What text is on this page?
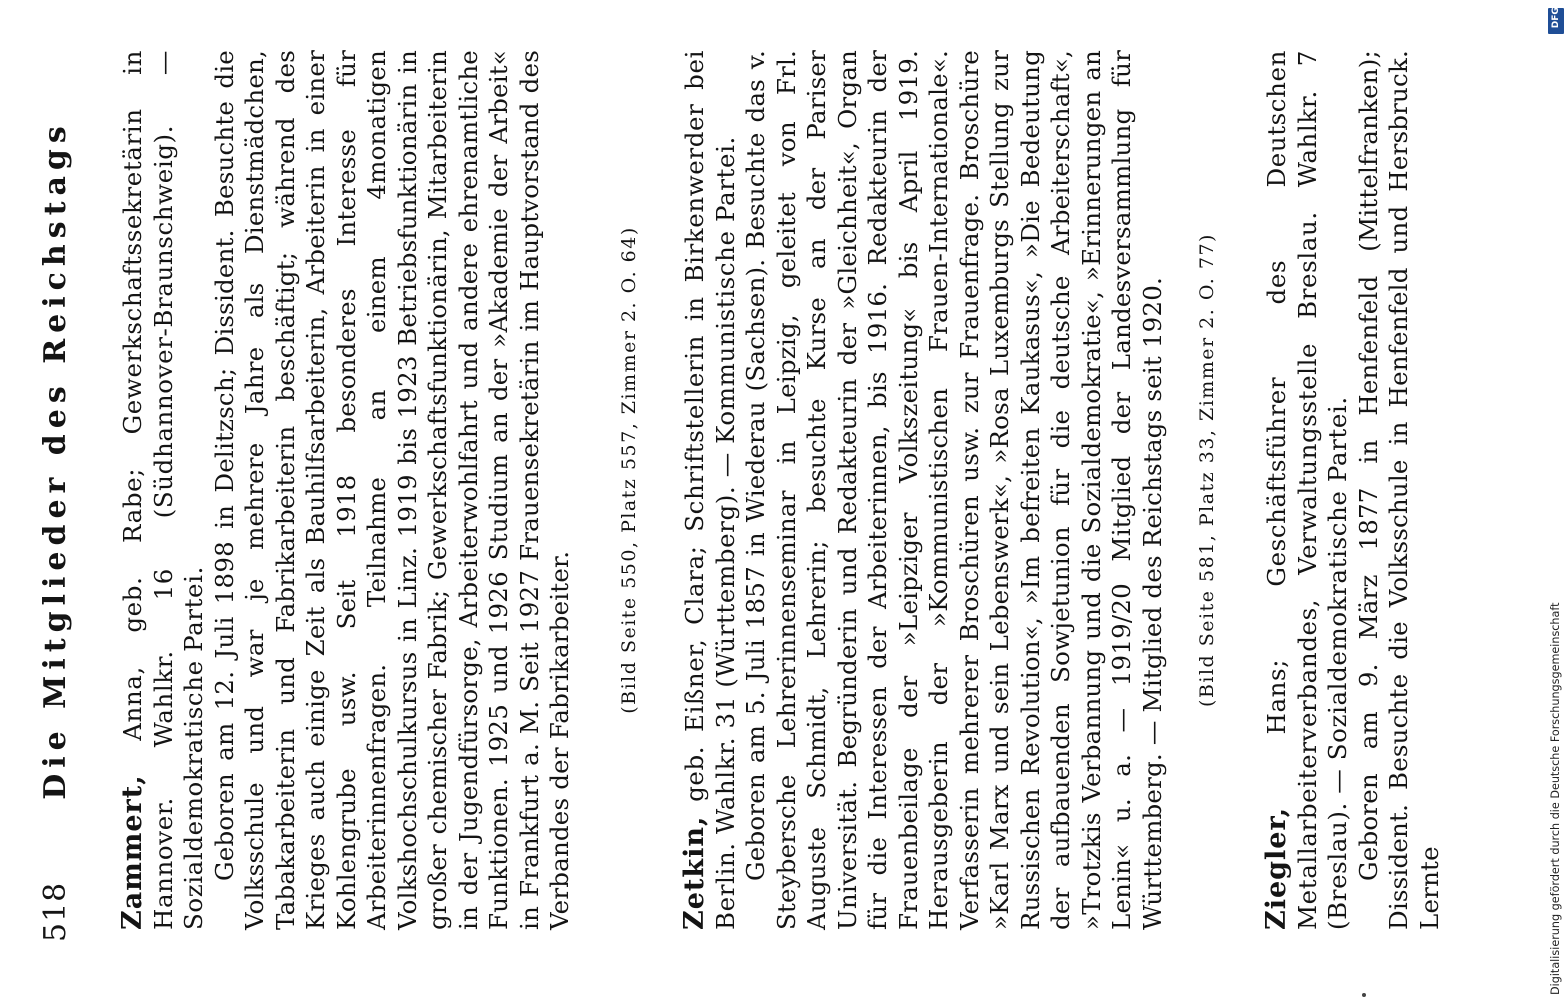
518
Die Mitglieder des Reichstags

Zammert, Anna, geb. Rabe; Gewerkschaftssekretärin in Hannover. Wahlkr. 16 (Südhannover-Braunschweig). — Sozialdemokratische Partei. Geboren am 12. Juli 1898 in Delitzsch; Dissident. Besuchte die Volksschule und war je mehrere Jahre als Dienstmädchen, Tabakarbeiterin und Fabrikarbeiterin beschäftigt; während des Krieges auch einige Zeit als Bauhilfsarbeiterin, Arbeiterin in einer Kohlengrube usw. Seit 1918 besonderes Interesse für Arbeiterinnenfragen. Teilnahme an einem 4monatigen Volkshochschulkursus in Linz. 1919 bis 1923 Betriebsfunktionärin in großer chemischer Fabrik; Gewerkschaftsfunktionärin, Mitarbeiterin in der Jugendfürsorge, Arbeiterwohlfahrt und andere ehrenamtliche Funktionen. 1925 und 1926 Studium an der »Akademie der Arbeit« in Frankfurt a. M. Seit 1927 Frauensekretärin im Hauptvorstand des Verbandes der Fabrikarbeiter.

(Bild Seite 550, Platz 557, Zimmer 2. O. 64)

Zetkin, geb. Eißner, Clara; Schriftstellerin in Birkenwerder bei Berlin. Wahlkr. 31 (Württemberg). — Kommunistische Partei. Geboren am 5. Juli 1857 in Wiederau (Sachsen). Besuchte das v. Steybersche Lehrerinnenseminar in Leipzig, geleitet von Frl. Auguste Schmidt, Lehrerin; besuchte Kurse an der Pariser Universität. Begründerin und Redakteurin der »Gleichheit«, Organ für die Interessen der Arbeiterinnen, bis 1916. Redakteurin der Frauenbeilage der »Leipziger Volkszeitung« bis April 1919. Herausgeberin der »Kommunistischen Frauen-Internationale«. Verfasserin mehrerer Broschüren usw. zur Frauenfrage. Broschüre »Karl Marx und sein Lebenswerk«, »Rosa Luxemburgs Stellung zur Russischen Revolution«, »Im befreiten Kaukasus«, »Die Bedeutung der aufbauenden Sowjetunion für die deutsche Arbeiterschaft«, »Trotzkis Verbannung und die Sozialdemokratie«, »Erinnerungen an Lenin« u. a. — 1919/20 Mitglied der Landesversammlung für Württemberg. — Mitglied des Reichstags seit 1920. (Bild Seite 581, Platz 33, Zimmer 2. O. 77)

Ziegler, Hans; Geschäftsführer des Deutschen Metallarbeiterverbandes, Verwaltungsstelle Breslau. Wahlkr. 7 (Breslau). — Sozialdemokratische Partei. Geboren am 9. März 1877 in Henfenfeld (Mittelfranken); Dissident. Besuchte die Volksschule in Henfenfeld und Hersbruck. Lernte	Digitalisierung gefördert durch die Deutsche Forschungsgemeinschaft
DFG
